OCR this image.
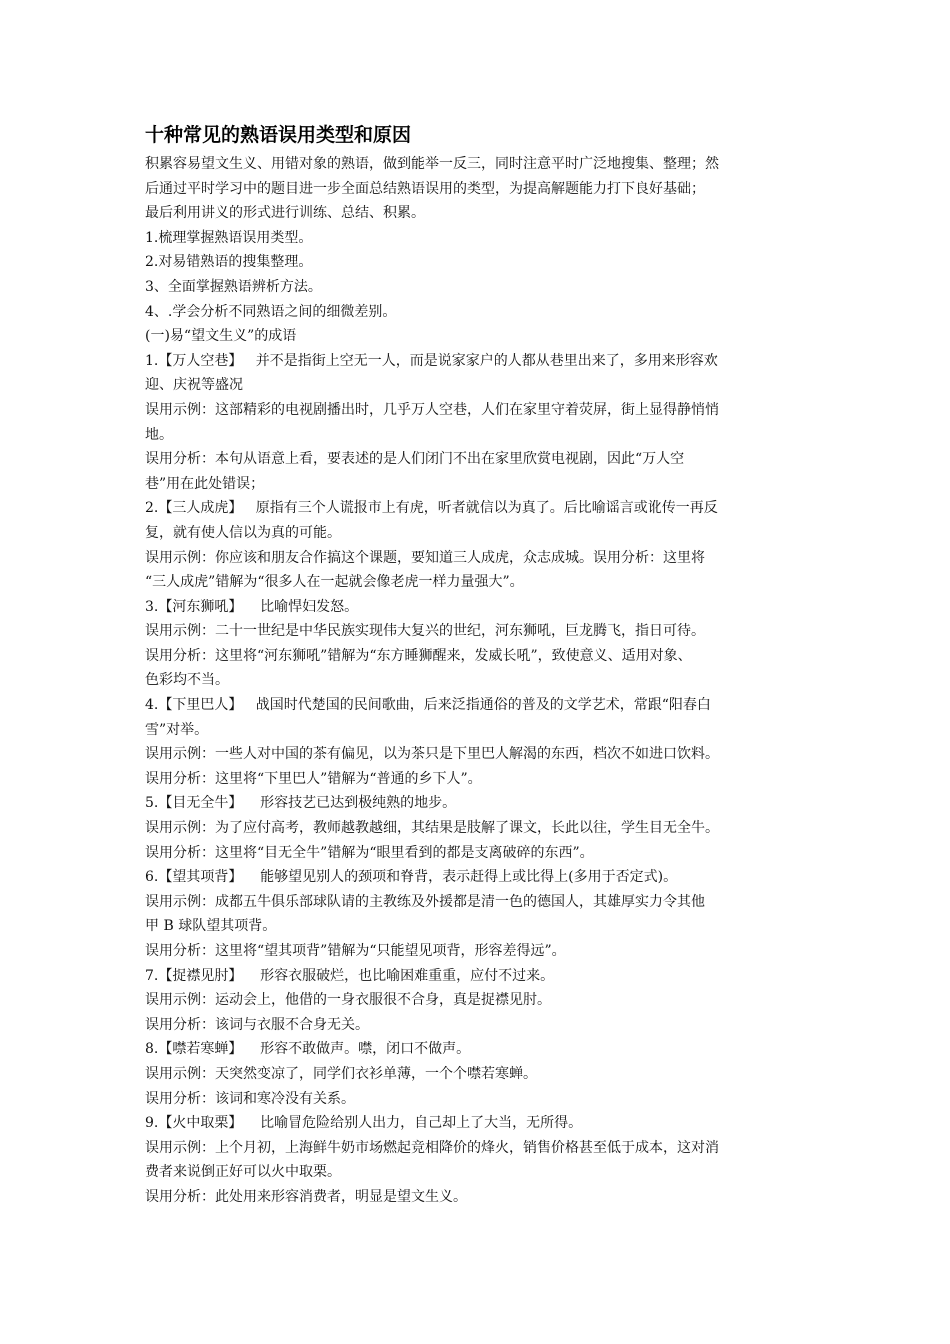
十种常见的熟语误用类型和原因

积累容易望文生义、用错对象的熟语，做到能举一反三，同时注意平时广泛地搜集、整理；然

后通过平时学习中的题目进一步全面总结熟语误用的类型，为提高解题能力打下良好基础；

最后利用讲义的形式进行训练、总结、积累。

1.梳理掌握熟语误用类型。

2.对易错熟语的搜集整理。

3、全面掌握熟语辨析方法。

4、.学会分析不同熟语之间的细微差别。

(一)易“望文生义”的成语

1.【万人空巷】   并不是指街上空无一人，而是说家家户的人都从巷里出来了，多用来形容欢

迎、庆祝等盛况

误用示例：这部精彩的电视剧播出时，几乎万人空巷，人们在家里守着荧屏，街上显得静悄悄

地。

误用分析：本句从语意上看，要表述的是人们闭门不出在家里欣赏电视剧，因此“万人空

巷”用在此处错误；

2.【三人成虎】   原指有三个人谎报市上有虎，听者就信以为真了。后比喻谣言或讹传一再反

复，就有使人信以为真的可能。

误用示例：你应该和朋友合作搞这个课题，要知道三人成虎，众志成城。误用分析：这里将

“三人成虎”错解为“很多人在一起就会像老虎一样力量强大”。

3.【河东狮吼】    比喻悍妇发怒。

误用示例：二十一世纪是中华民族实现伟大复兴的世纪，河东狮吼，巨龙腾飞，指日可待。

误用分析：这里将“河东狮吼”错解为“东方睡狮醒来，发威长吼”，致使意义、适用对象、

色彩均不当。

4.【下里巴人】   战国时代楚国的民间歌曲，后来泛指通俗的普及的文学艺术，常跟“阳春白

雪”对举。

误用示例：一些人对中国的茶有偏见，以为茶只是下里巴人解渴的东西，档次不如进口饮料。

误用分析：这里将“下里巴人”错解为“普通的乡下人”。

5.【目无全牛】    形容技艺已达到极纯熟的地步。

误用示例：为了应付高考，教师越教越细，其结果是肢解了课文，长此以往，学生目无全牛。

误用分析：这里将“目无全牛”错解为“眼里看到的都是支离破碎的东西”。

6.【望其项背】    能够望见别人的颈项和脊背，表示赶得上或比得上(多用于否定式)。

误用示例：成都五牛俱乐部球队请的主教练及外援都是清一色的德国人，其雄厚实力令其他

甲 B 球队望其项背。

误用分析：这里将“望其项背”错解为“只能望见项背，形容差得远”。

7.【捉襟见肘】    形容衣服破烂，也比喻困难重重，应付不过来。

误用示例：运动会上，他借的一身衣服很不合身，真是捉襟见肘。

误用分析：该词与衣服不合身无关。

8.【噤若寒蝉】    形容不敢做声。噤，闭口不做声。

误用示例：天突然变凉了，同学们衣衫单薄，一个个噤若寒蝉。

误用分析：该词和寒冷没有关系。

9.【火中取栗】    比喻冒危险给别人出力，自己却上了大当，无所得。

误用示例：上个月初，上海鲜牛奶市场燃起竞相降价的烽火，销售价格甚至低于成本，这对消

费者来说倒正好可以火中取栗。

误用分析：此处用来形容消费者，明显是望文生义。
